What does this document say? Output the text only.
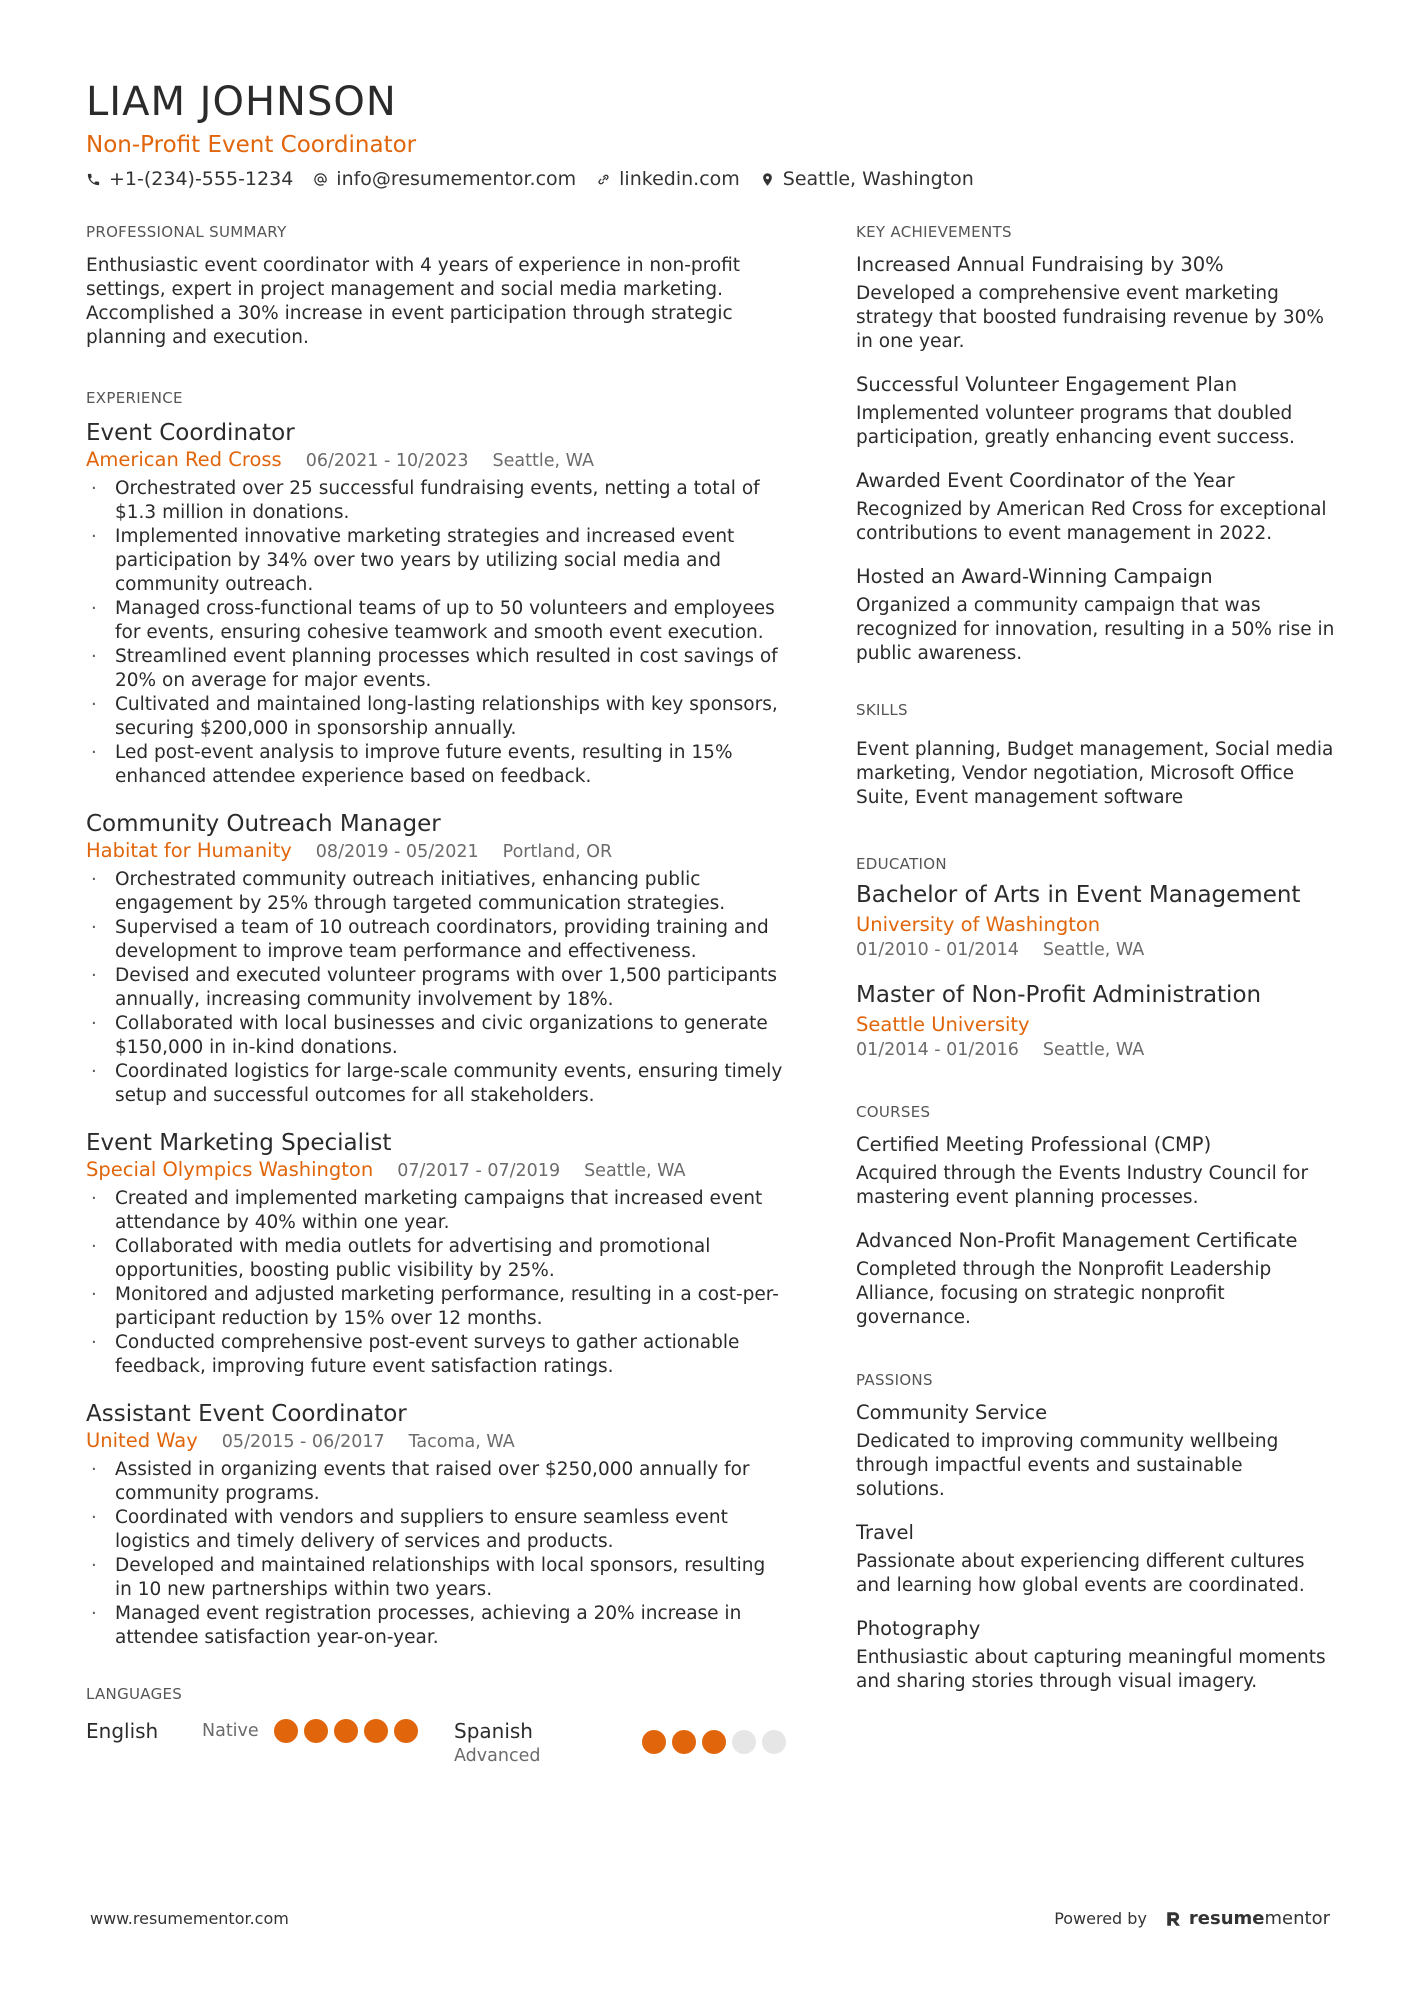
LIAM JOHNSON
Non-Profit Event Coordinator
+1-(234)-555-1234 info@resumementor.com linkedin.com Seattle, Washington
PROFESSIONAL SUMMARY
Enthusiastic event coordinator with 4 years of experience in non-profit settings, expert in project management and social media marketing. Accomplished a 30% increase in event participation through strategic planning and execution.
EXPERIENCE
Event Coordinator
American Red Cross 06/2021 - 10/2023 Seattle, WA
· Orchestrated over 25 successful fundraising events, netting a total of $1.3 million in donations.
· Implemented innovative marketing strategies and increased event participation by 34% over two years by utilizing social media and community outreach.
· Managed cross-functional teams of up to 50 volunteers and employees for events, ensuring cohesive teamwork and smooth event execution.
· Streamlined event planning processes which resulted in cost savings of 20% on average for major events.
· Cultivated and maintained long-lasting relationships with key sponsors, securing $200,000 in sponsorship annually.
· Led post-event analysis to improve future events, resulting in 15% enhanced attendee experience based on feedback.
Community Outreach Manager
Habitat for Humanity 08/2019 - 05/2021 Portland, OR
· Orchestrated community outreach initiatives, enhancing public engagement by 25% through targeted communication strategies.
· Supervised a team of 10 outreach coordinators, providing training and development to improve team performance and effectiveness.
· Devised and executed volunteer programs with over 1,500 participants annually, increasing community involvement by 18%.
· Collaborated with local businesses and civic organizations to generate $150,000 in in-kind donations.
· Coordinated logistics for large-scale community events, ensuring timely setup and successful outcomes for all stakeholders.
Event Marketing Specialist
Special Olympics Washington 07/2017 - 07/2019 Seattle, WA
· Created and implemented marketing campaigns that increased event attendance by 40% within one year.
· Collaborated with media outlets for advertising and promotional opportunities, boosting public visibility by 25%.
· Monitored and adjusted marketing performance, resulting in a cost-per-participant reduction by 15% over 12 months.
· Conducted comprehensive post-event surveys to gather actionable feedback, improving future event satisfaction ratings.
Assistant Event Coordinator
United Way 05/2015 - 06/2017 Tacoma, WA
· Assisted in organizing events that raised over $250,000 annually for community programs.
· Coordinated with vendors and suppliers to ensure seamless event logistics and timely delivery of services and products.
· Developed and maintained relationships with local sponsors, resulting in 10 new partnerships within two years.
· Managed event registration processes, achieving a 20% increase in attendee satisfaction year-on-year.
LANGUAGES
English	Native	Spanish
Advanced
KEY ACHIEVEMENTS
Increased Annual Fundraising by 30%
Developed a comprehensive event marketing strategy that boosted fundraising revenue by 30% in one year.
Successful Volunteer Engagement Plan
Implemented volunteer programs that doubled participation, greatly enhancing event success.
Awarded Event Coordinator of the Year
Recognized by American Red Cross for exceptional contributions to event management in 2022.
Hosted an Award-Winning Campaign
Organized a community campaign that was recognized for innovation, resulting in a 50% rise in public awareness.
SKILLS
Event planning, Budget management, Social media marketing, Vendor negotiation, Microsoft Office Suite, Event management software
EDUCATION
Bachelor of Arts in Event Management
University of Washington
01/2010 - 01/2014 Seattle, WA
Master of Non-Profit Administration
Seattle University
01/2014 - 01/2016 Seattle, WA
COURSES
Certified Meeting Professional (CMP)
Acquired through the Events Industry Council for mastering event planning processes.
Advanced Non-Profit Management Certificate
Completed through the Nonprofit Leadership Alliance, focusing on strategic nonprofit governance.
PASSIONS
Community Service
Dedicated to improving community wellbeing through impactful events and sustainable solutions.
Travel
Passionate about experiencing different cultures and learning how global events are coordinated.
Photography
Enthusiastic about capturing meaningful moments and sharing stories through visual imagery.
www.resumementor.com	Powered by resumementor
